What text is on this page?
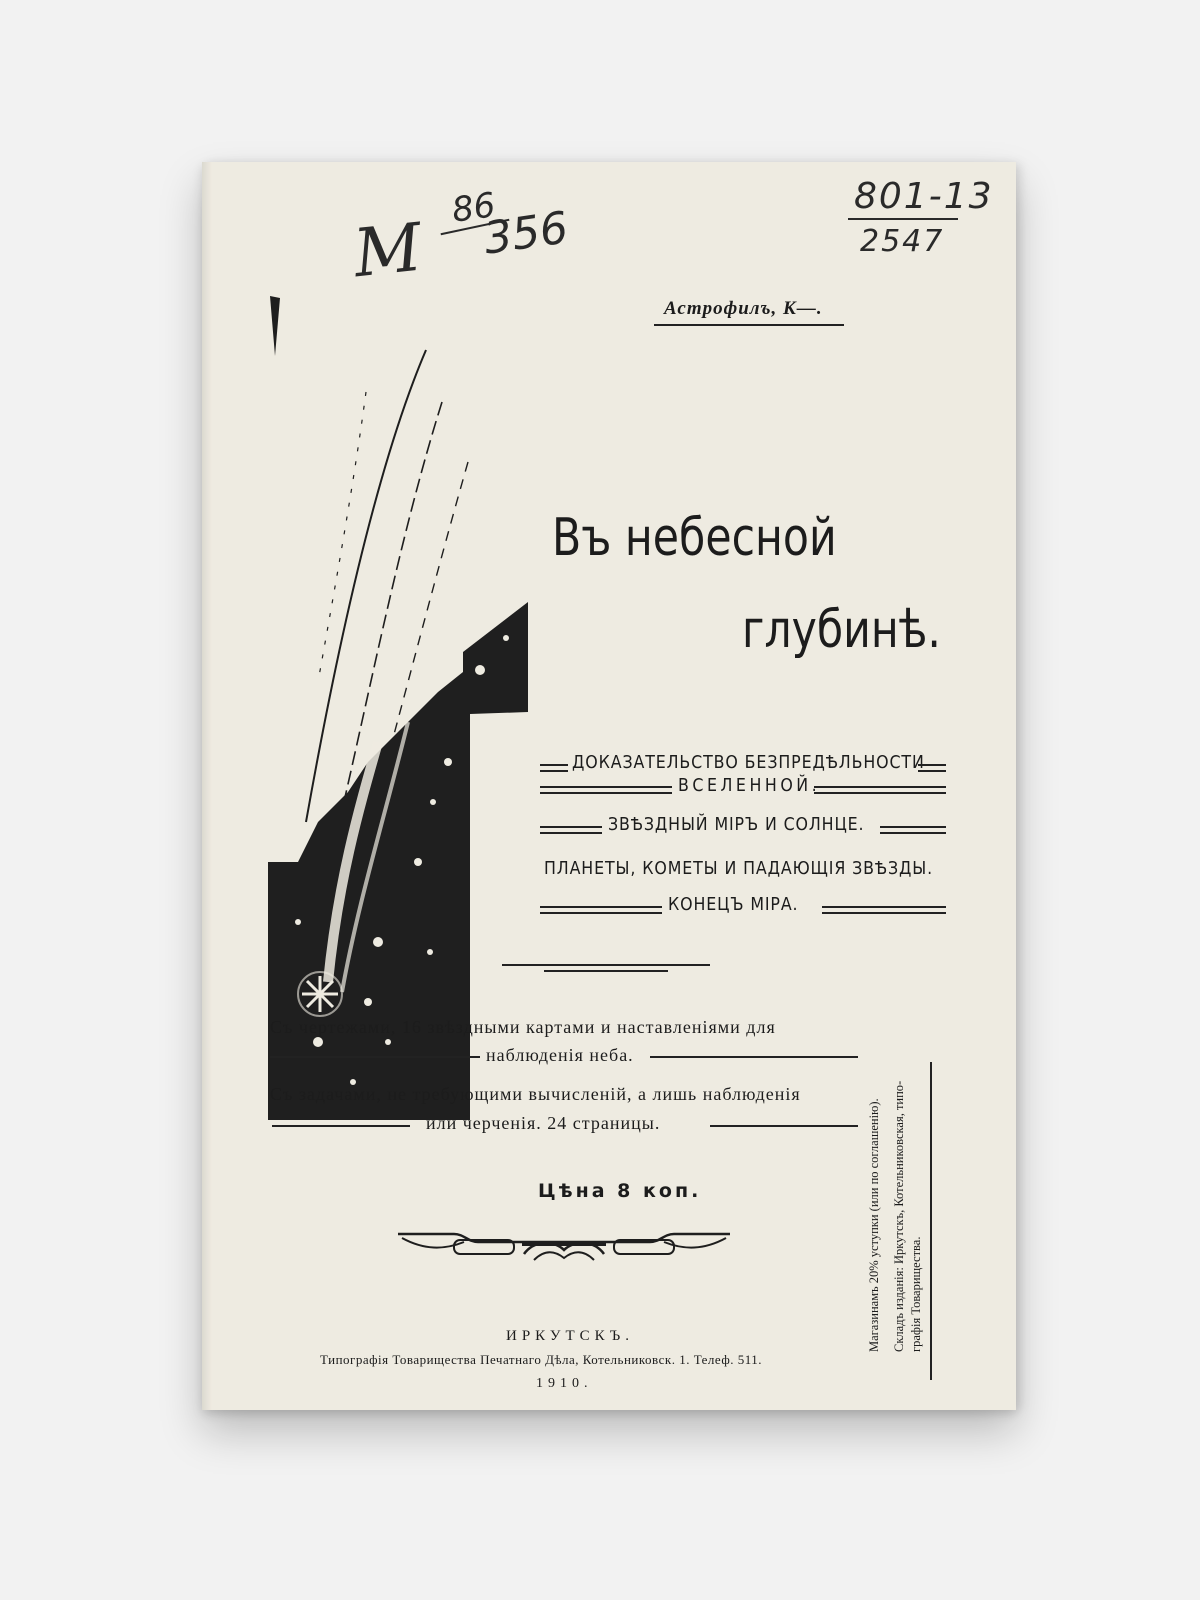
М
86
356
801-13
2547
Астрофилъ, К—.
Въ небесной
глубинѣ.
ДОКАЗАТЕЛЬСТВО БЕЗПРЕДѢЛЬНОСТИ
ВСЕЛЕННОЙ.
ЗВѢЗДНЫЙ МІРЪ И СОЛНЦЕ.
ПЛАНЕТЫ, КОМЕТЫ И ПАДАЮЩІЯ ЗВѢЗДЫ.
КОНЕЦЪ МІРА.
Съ чертежами, 16 звѣздными картами и наставленіями для
наблюденія неба.
Съ задачами, не требующими вычисленій, а лишь наблюденія
или черченія. 24 страницы.
Цѣна 8 коп.
ИРКУТСКЪ.
Типографія Товарищества Печатнаго Дѣла, Котельниковск. 1. Телеф. 511.
1910.
Магазинамъ 20% уступки (или по соглашенію). Складъ изданія: Иркутскъ, Котельниковская, типо- графія Товарищества.
